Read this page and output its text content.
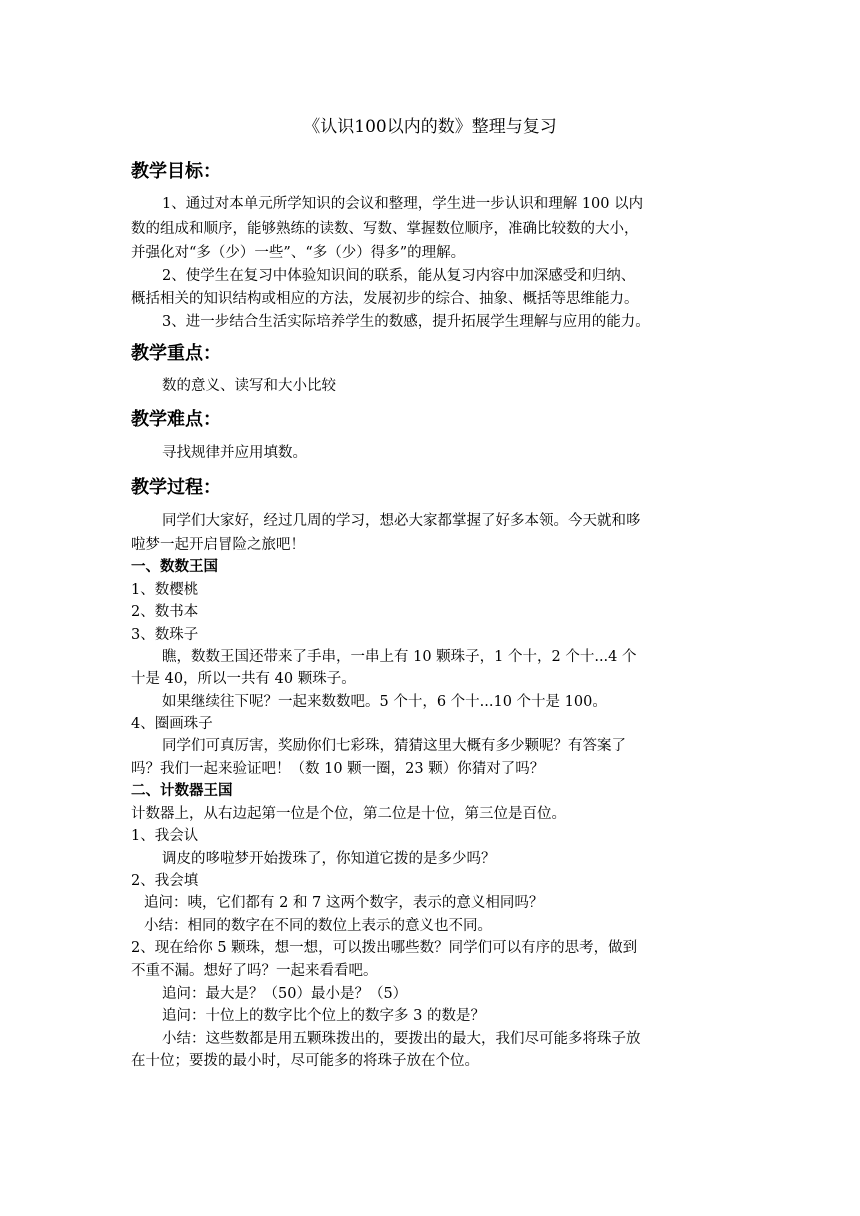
《认识100以内的数》整理与复习
教学目标：
1、通过对本单元所学知识的会议和整理，学生进一步认识和理解 100 以内
数的组成和顺序，能够熟练的读数、写数、掌握数位顺序，准确比较数的大小，
并强化对“多（少）一些”、“多（少）得多”的理解。
2、使学生在复习中体验知识间的联系，能从复习内容中加深感受和归纳、
概括相关的知识结构或相应的方法，发展初步的综合、抽象、概括等思维能力。
3、进一步结合生活实际培养学生的数感，提升拓展学生理解与应用的能力。
教学重点：
数的意义、读写和大小比较
教学难点：
寻找规律并应用填数。
教学过程：
同学们大家好，经过几周的学习，想必大家都掌握了好多本领。今天就和哆
啦梦一起开启冒险之旅吧！
一、数数王国
1、数樱桃
2、数书本
3、数珠子
瞧，数数王国还带来了手串，一串上有 10 颗珠子，1 个十，2 个十...4 个
十是 40，所以一共有 40 颗珠子。
如果继续往下呢？一起来数数吧。5 个十，6 个十...10 个十是 100。
4、圈画珠子
同学们可真厉害，奖励你们七彩珠，猜猜这里大概有多少颗呢？有答案了
吗？我们一起来验证吧！（数 10 颗一圈，23 颗）你猜对了吗？
二、计数器王国
计数器上，从右边起第一位是个位，第二位是十位，第三位是百位。
1、我会认
调皮的哆啦梦开始拨珠了，你知道它拨的是多少吗？
2、我会填
追问：咦，它们都有 2 和 7 这两个数字，表示的意义相同吗？
小结：相同的数字在不同的数位上表示的意义也不同。
2、现在给你 5 颗珠，想一想，可以拨出哪些数？同学们可以有序的思考，做到
不重不漏。想好了吗？一起来看看吧。
追问：最大是？（50）最小是？（5）
追问：十位上的数字比个位上的数字多 3 的数是？
小结：这些数都是用五颗珠拨出的，要拨出的最大，我们尽可能多将珠子放
在十位；要拨的最小时，尽可能多的将珠子放在个位。
